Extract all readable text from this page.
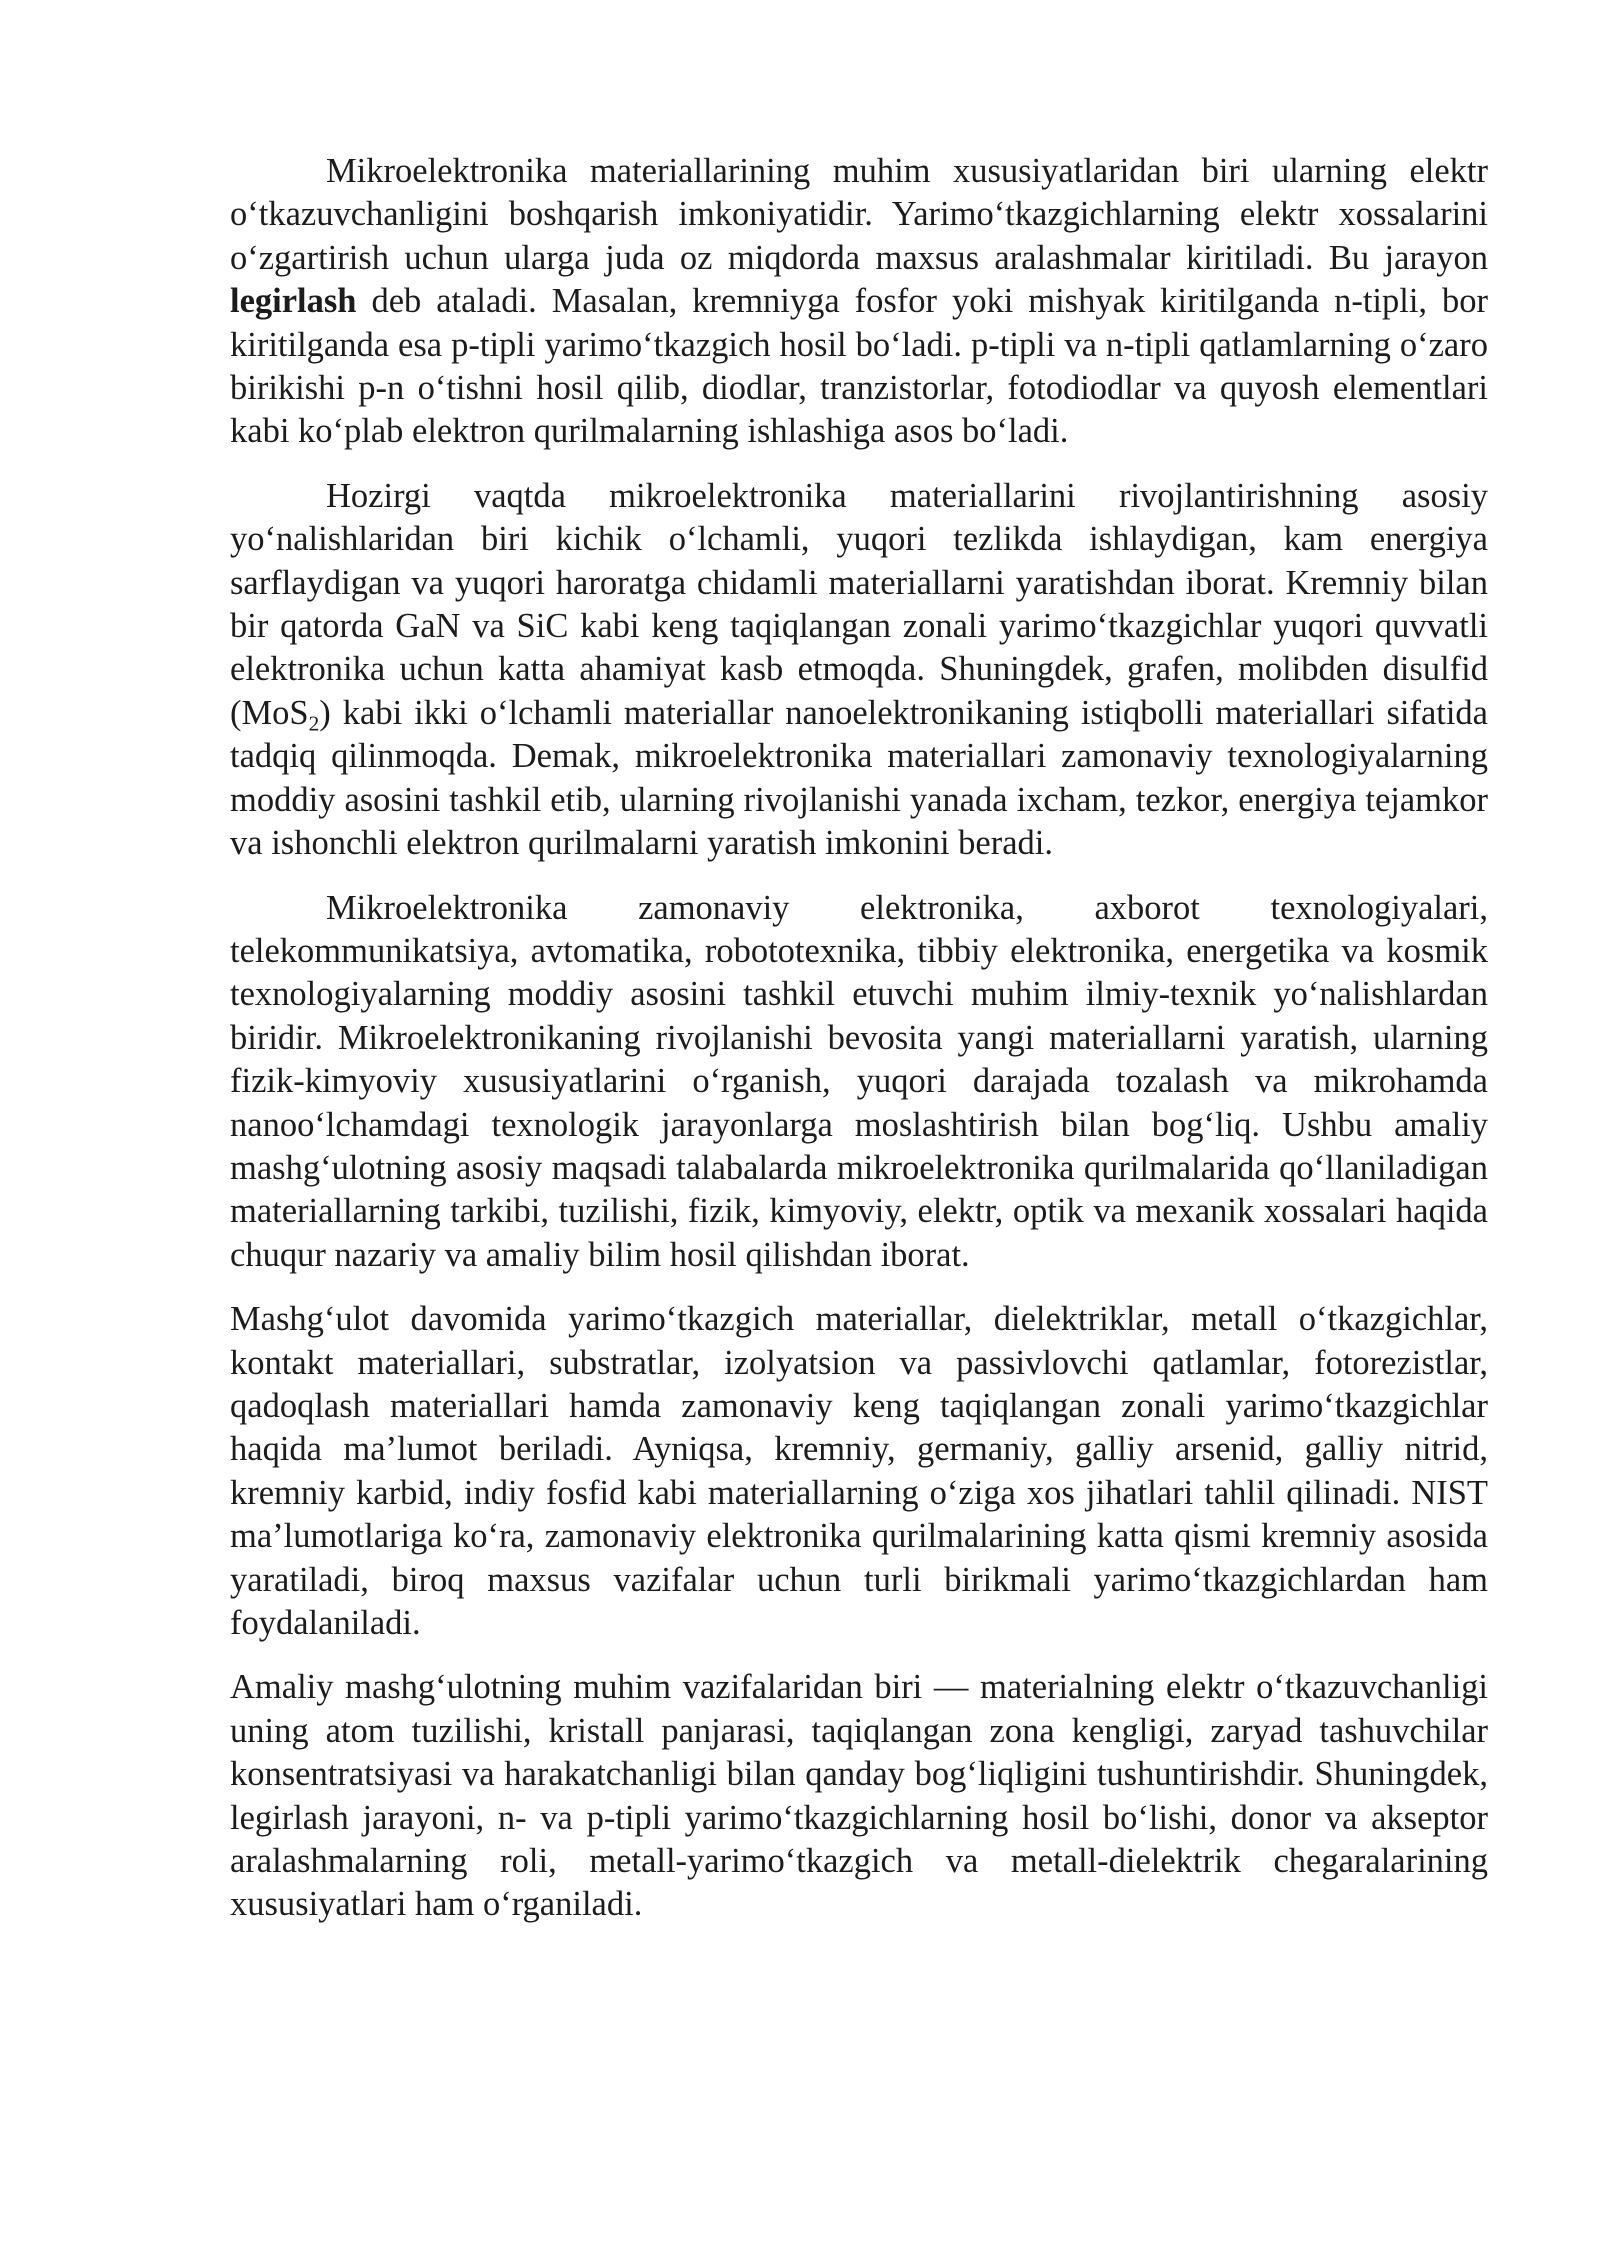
Mikroelektronika materiallarining muhim xususiyatlaridan biri ularning elektr o‘tkazuvchanligini boshqarish imkoniyatidir. Yarimo‘tkazgichlarning elektr xossalarini o‘zgartirish uchun ularga juda oz miqdorda maxsus aralashmalar kiritiladi. Bu jarayon legirlash deb ataladi. Masalan, kremniyga fosfor yoki mishyak kiritilganda n-tipli, bor kiritilganda esa p-tipli yarimo‘tkazgich hosil bo‘ladi. p-tipli va n-tipli qatlamlarning o‘zaro birikishi p-n o‘tishni hosil qilib, diodlar, tranzistorlar, fotodiodlar va quyosh elementlari kabi ko‘plab elektron qurilmalarning ishlashiga asos bo‘ladi.

Hozirgi vaqtda mikroelektronika materiallarini rivojlantirishning asosiy yo‘nalishlaridan biri kichik o‘lchamli, yuqori tezlikda ishlaydigan, kam energiya sarflaydigan va yuqori haroratga chidamli materiallarni yaratishdan iborat. Kremniy bilan bir qatorda GaN va SiC kabi keng taqiqlangan zonali yarimo‘tkazgichlar yuqori quvvatli elektronika uchun katta ahamiyat kasb etmoqda. Shuningdek, grafen, molibden disulfid (MoS$_2$) kabi ikki o‘lchamli materiallar nanoelektronikaning istiqbolli materiallari sifatida tadqiq qilinmoqda. Demak, mikroelektronika materiallari zamonaviy texnologiyalarning moddiy asosini tashkil etib, ularning rivojlanishi yanada ixcham, tezkor, energiya tejamkor va ishonchli elektron qurilmalarni yaratish imkonini beradi.

Mikroelektronika zamonaviy elektronika, axborot texnologiyalari, telekommunikatsiya, avtomatika, robototexnika, tibbiy elektronika, energetika va kosmik texnologiyalarning moddiy asosini tashkil etuvchi muhim ilmiy-texnik yo‘nalishlardan biridir. Mikroelektronikaning rivojlanishi bevosita yangi materiallarni yaratish, ularning fizik-kimyoviy xususiyatlarini o‘rganish, yuqori darajada tozalash va mikrohamda nanoo‘lchamdagi texnologik jarayonlarga moslashtirish bilan bog‘liq. Ushbu amaliy mashg‘ulotning asosiy maqsadi talabalarda mikroelektronika qurilmalarida qo‘llaniladigan materiallarning tarkibi, tuzilishi, fizik, kimyoviy, elektr, optik va mexanik xossalari haqida chuqur nazariy va amaliy bilim hosil qilishdan iborat.

Mashg‘ulot davomida yarimo‘tkazgich materiallar, dielektriklar, metall o‘tkazgichlar, kontakt materiallari, substratlar, izolyatsion va passivlovchi qatlamlar, fotorezistlar, qadoqlash materiallari hamda zamonaviy keng taqiqlangan zonali yarimo‘tkazgichlar haqida ma’lumot beriladi. Ayniqsa, kremniy, germaniy, galliy arsenid, galliy nitrid, kremniy karbid, indiy fosfid kabi materiallarning o‘ziga xos jihatlari tahlil qilinadi. NIST ma’lumotlariga ko‘ra, zamonaviy elektronika qurilmalarining katta qismi kremniy asosida yaratiladi, biroq maxsus vazifalar uchun turli birikmali yarimo‘tkazgichlardan ham foydalaniladi.

Amaliy mashg‘ulotning muhim vazifalaridan biri — materialning elektr o‘tkazuvchanligi uning atom tuzilishi, kristall panjarasi, taqiqlangan zona kengligi, zaryad tashuvchilar konsentratsiyasi va harakatchanligi bilan qanday bog‘liqligini tushuntirishdir. Shuningdek, legirlash jarayoni, n- va p-tipli yarimo‘tkazgichlarning hosil bo‘lishi, donor va akseptor aralashmalarning roli, metall-yarimo‘tkazgich va metall-dielektrik chegaralarining xususiyatlari ham o‘rganiladi.
